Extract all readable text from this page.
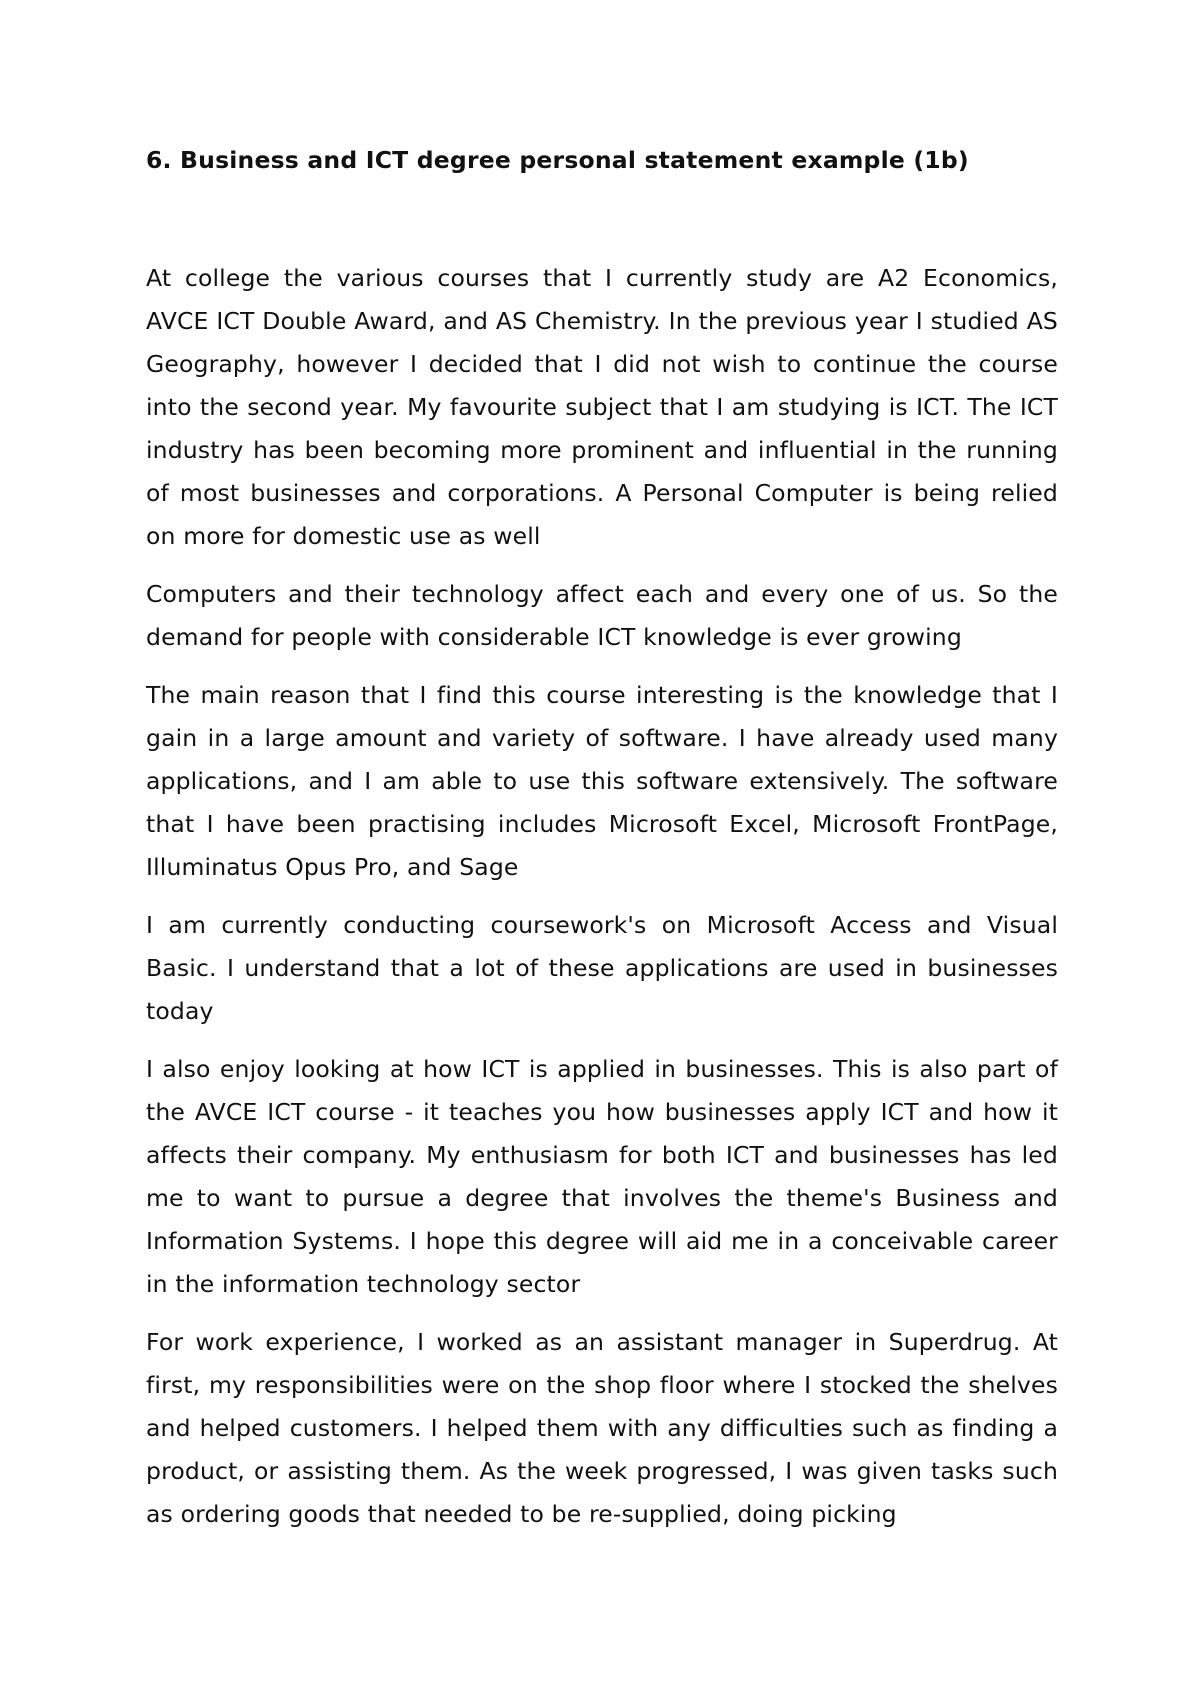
6. Business and ICT degree personal statement example (1b)

At college the various courses that I currently study are A2 Economics, AVCE ICT Double Award, and AS Chemistry. In the previous year I studied AS Geography, however I decided that I did not wish to continue the course into the second year. My favourite subject that I am studying is ICT. The ICT industry has been becoming more prominent and influential in the running of most businesses and corporations. A Personal Computer is being relied on more for domestic use as well

Computers and their technology affect each and every one of us. So the demand for people with considerable ICT knowledge is ever growing

The main reason that I find this course interesting is the knowledge that I gain in a large amount and variety of software. I have already used many applications, and I am able to use this software extensively. The software that I have been practising includes Microsoft Excel, Microsoft FrontPage, Illuminatus Opus Pro, and Sage

I am currently conducting coursework's on Microsoft Access and Visual Basic. I understand that a lot of these applications are used in businesses today

I also enjoy looking at how ICT is applied in businesses. This is also part of the AVCE ICT course - it teaches you how businesses apply ICT and how it affects their company. My enthusiasm for both ICT and businesses has led me to want to pursue a degree that involves the theme's Business and Information Systems. I hope this degree will aid me in a conceivable career in the information technology sector

For work experience, I worked as an assistant manager in Superdrug. At first, my responsibilities were on the shop floor where I stocked the shelves and helped customers. I helped them with any difficulties such as finding a product, or assisting them. As the week progressed, I was given tasks such as ordering goods that needed to be re-supplied, doing picking
